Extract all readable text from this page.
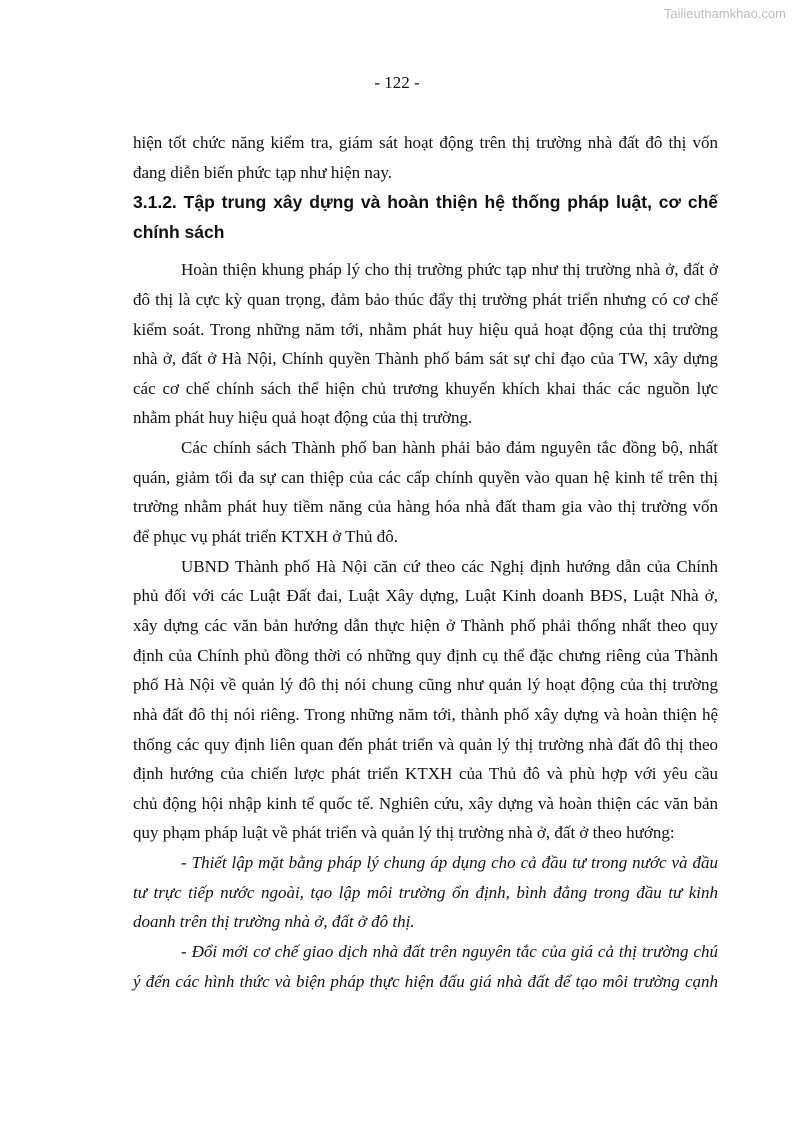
Tailieuthamkhao.com
- 122 -
hiện tốt chức năng kiểm tra, giám sát hoạt động trên thị trường nhà đất đô thị vốn
đang diễn biến phức tạp như hiện nay.
3.1.2. Tập trung xây dựng và hoàn thiện hệ thống pháp luật, cơ chế
chính sách
Hoàn thiện khung pháp lý cho thị trường phức tạp như thị trường nhà ở, đất ở
đô thị là cực kỳ quan trọng, đảm bảo thúc đẩy thị trường phát triển nhưng có cơ chế
kiểm soát. Trong những năm tới, nhằm phát huy hiệu quả hoạt động của thị trường
nhà ở, đất ở Hà Nội, Chính quyền Thành phố bám sát sự chỉ đạo của TW, xây dựng
các cơ chế chính sách thể hiện chủ trương khuyến khích khai thác các nguồn lực
nhằm phát huy hiệu quả hoạt động của thị trường.
Các chính sách Thành phố ban hành phải bảo đảm nguyên tắc đồng bộ, nhất
quán, giảm tối đa sự can thiệp của các cấp chính quyền vào quan hệ kinh tế trên thị
trường nhằm phát huy tiềm năng của hàng hóa nhà đất tham gia vào thị trường vốn
để phục vụ phát triển KTXH ở Thủ đô.
UBND Thành phố Hà Nội căn cứ theo các Nghị định hướng dẫn của Chính
phủ đối với các Luật Đất đai, Luật Xây dựng, Luật Kinh doanh BĐS, Luật Nhà ở,
xây dựng các văn bản hướng dẫn thực hiện ở Thành phố phải thống nhất theo quy
định của Chính phủ đồng thời có những quy định cụ thể đặc chưng riêng của Thành
phố Hà Nội về quản lý đô thị nói chung cũng như quản lý hoạt động của thị trường
nhà đất đô thị nói riêng. Trong những năm tới, thành phố xây dựng và hoàn thiện hệ
thống các quy định liên quan đến phát triển và quản lý thị trường nhà đất đô thị theo
định hướng của chiến lược phát triển KTXH của Thủ đô và phù hợp với yêu cầu
chủ động hội nhập kinh tế quốc tế. Nghiên cứu, xây dựng và hoàn thiện các văn bản
quy phạm pháp luật về phát triển và quản lý thị trường nhà ở, đất ở theo hướng:
- Thiết lập mặt bằng pháp lý chung áp dụng cho cả đầu tư trong nước và đầu
tư trực tiếp nước ngoài, tạo lập môi trường ổn định, bình đẳng trong đầu tư kinh
doanh trên thị trường nhà ở, đất ở đô thị.
- Đổi mới cơ chế giao dịch nhà đất trên nguyên tắc của giá cả thị trường chú
ý đến các hình thức và biện pháp thực hiện đấu giá nhà đất để tạo môi trường cạnh
